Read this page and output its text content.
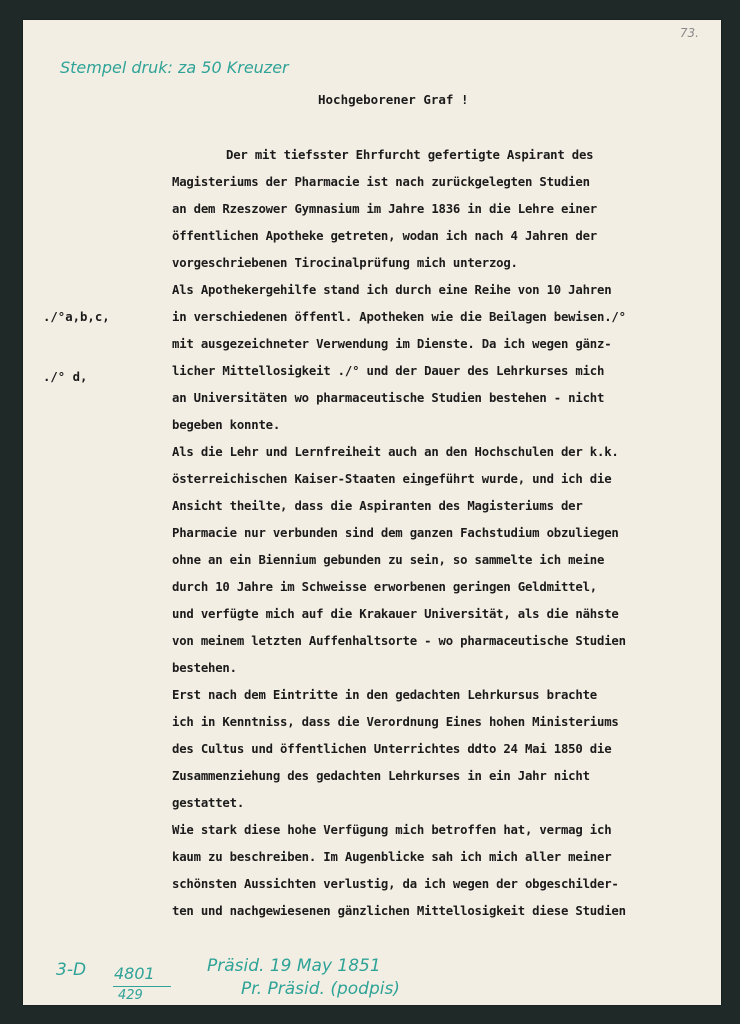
Stempel druk: za 50 Kreuzer
73.
Hochgeborener Graf !
./°a,b,c,
./° d,
Der mit tiefsster Ehrfurcht gefertigte Aspirant des
Magisteriums der Pharmacie ist nach zurückgelegten Studien
an dem Rzeszower Gymnasium im Jahre 1836 in die Lehre einer
öffentlichen Apotheke getreten, wodan ich nach 4 Jahren der
vorgeschriebenen Tirocinalprüfung mich unterzog.
Als Apothekergehilfe stand ich durch eine Reihe von 10 Jahren
in verschiedenen öffentl. Apotheken wie die Beilagen bewisen./°
mit ausgezeichneter Verwendung im Dienste. Da ich wegen gänz-
licher Mittellosigkeit ./° und der Dauer des Lehrkurses mich
an Universitäten wo pharmaceutische Studien bestehen - nicht
begeben konnte.
Als die Lehr und Lernfreiheit auch an den Hochschulen der k.k.
österreichischen Kaiser-Staaten eingeführt wurde, und ich die
Ansicht theilte, dass die Aspiranten des Magisteriums der
Pharmacie nur verbunden sind dem ganzen Fachstudium obzuliegen
ohne an ein Biennium gebunden zu sein, so sammelte ich meine
durch 10 Jahre im Schweisse erworbenen geringen Geldmittel,
und verfügte mich auf die Krakauer Universität, als die nähste
von meinem letzten Auffenhaltsorte - wo pharmaceutische Studien
bestehen.
Erst nach dem Eintritte in den gedachten Lehrkursus brachte
ich in Kenntniss, dass die Verordnung Eines hohen Ministeriums
des Cultus und öffentlichen Unterrichtes ddto 24 Mai 1850 die
Zusammenziehung des gedachten Lehrkurses in ein Jahr nicht
gestattet.
Wie stark diese hohe Verfügung mich betroffen hat, vermag ich
kaum zu beschreiben. Im Augenblicke sah ich mich aller meiner
schönsten Aussichten verlustig, da ich wegen der obgeschilder-
ten und nachgewiesenen gänzlichen Mittellosigkeit diese Studien
3-D 4801
429
Präsid. 19 May 1851
Pr. Präsid. (podpis)
